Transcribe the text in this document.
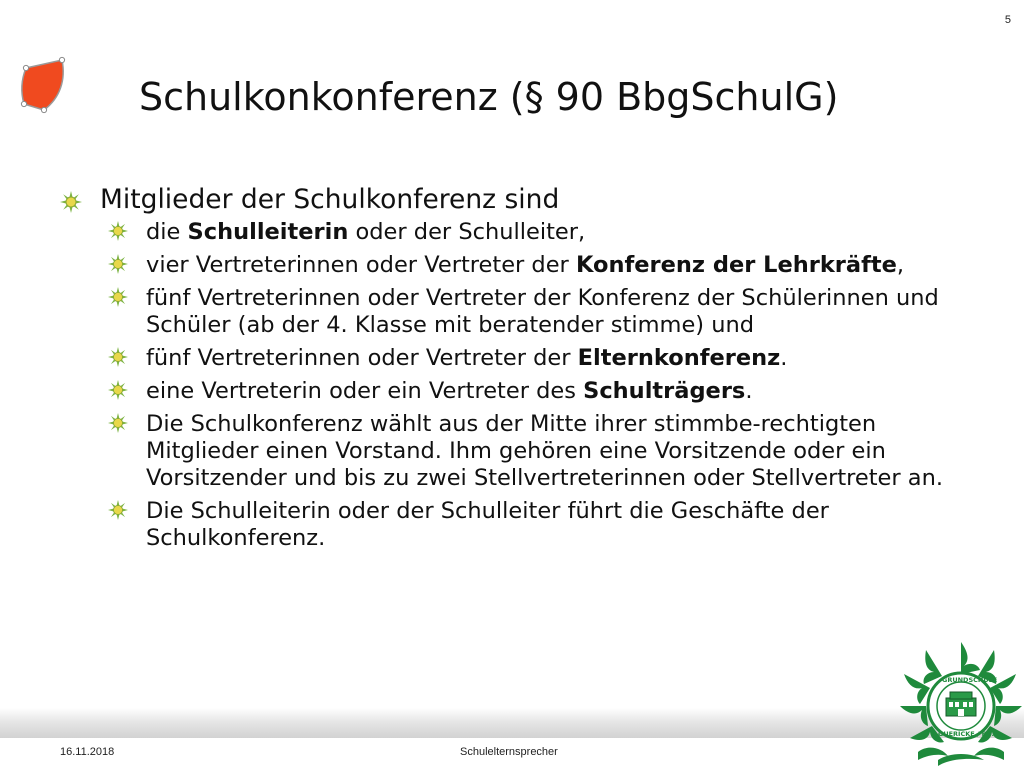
5
Schulkonkonferenz (§ 90 BbgSchulG)
Mitglieder der Schulkonferenz sind
die Schulleiterin oder der Schulleiter,
vier Vertreterinnen oder Vertreter der Konferenz der Lehrkräfte,
fünf Vertreterinnen oder Vertreter der Konferenz der Schülerinnen und Schüler (ab der 4. Klasse mit beratender stimme) und
fünf Vertreterinnen oder Vertreter der Elternkonferenz.
eine Vertreterin oder ein Vertreter des Schulträgers.
Die Schulkonferenz wählt aus der Mitte ihrer stimmbe-rechtigten Mitglieder einen Vorstand. Ihm gehören eine Vorsitzende oder ein Vorsitzender und bis zu zwei Stellvertreterinnen oder Stellvertreter an.
Die Schulleiterin oder der Schulleiter führt die Geschäfte der Schulkonferenz.
16.11.2018	Schulelternsprecher
GRUNDSCHULE
GUERICKE / BB.
